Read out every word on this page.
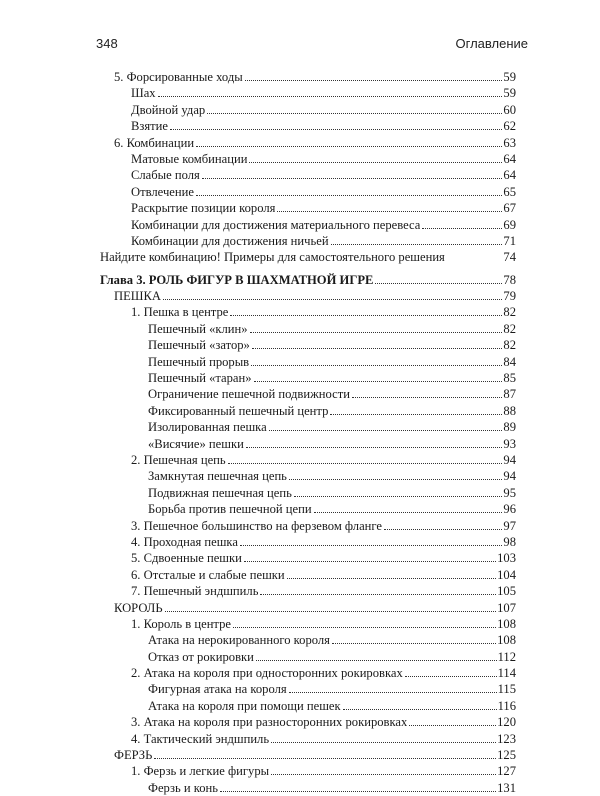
348	Оглавление
5. Форсированные ходы	59
Шах	59
Двойной удар	60
Взятие	62
6. Комбинации	63
Матовые комбинации	64
Слабые поля	64
Отвлечение	65
Раскрытие позиции короля	67
Комбинации для достижения материального перевеса	69
Комбинации для достижения ничьей	71
Найдите комбинацию! Примеры для самостоятельного решения	74
Глава 3. РОЛЬ ФИГУР В ШАХМАТНОЙ ИГРЕ	78
ПЕШКА	79
1. Пешка в центре	82
Пешечный «клин»	82
Пешечный «затор»	82
Пешечный прорыв	84
Пешечный «таран»	85
Ограничение пешечной подвижности	87
Фиксированный пешечный центр	88
Изолированная пешка	89
«Висячие» пешки	93
2. Пешечная цепь	94
Замкнутая пешечная цепь	94
Подвижная пешечная цепь	95
Борьба против пешечной цепи	96
3. Пешечное большинство на ферзевом фланге	97
4. Проходная пешка	98
5. Сдвоенные пешки	103
6. Отсталые и слабые пешки	104
7. Пешечный эндшпиль	105
КОРОЛЬ	107
1. Король в центре	108
Атака на нерокированного короля	108
Отказ от рокировки	112
2. Атака на короля при односторонних рокировках	114
Фигурная атака на короля	115
Атака на короля при помощи пешек	116
3. Атака на короля при разносторонних рокировках	120
4. Тактический эндшпиль	123
ФЕРЗЬ	125
1. Ферзь и легкие фигуры	127
Ферзь и конь	131
